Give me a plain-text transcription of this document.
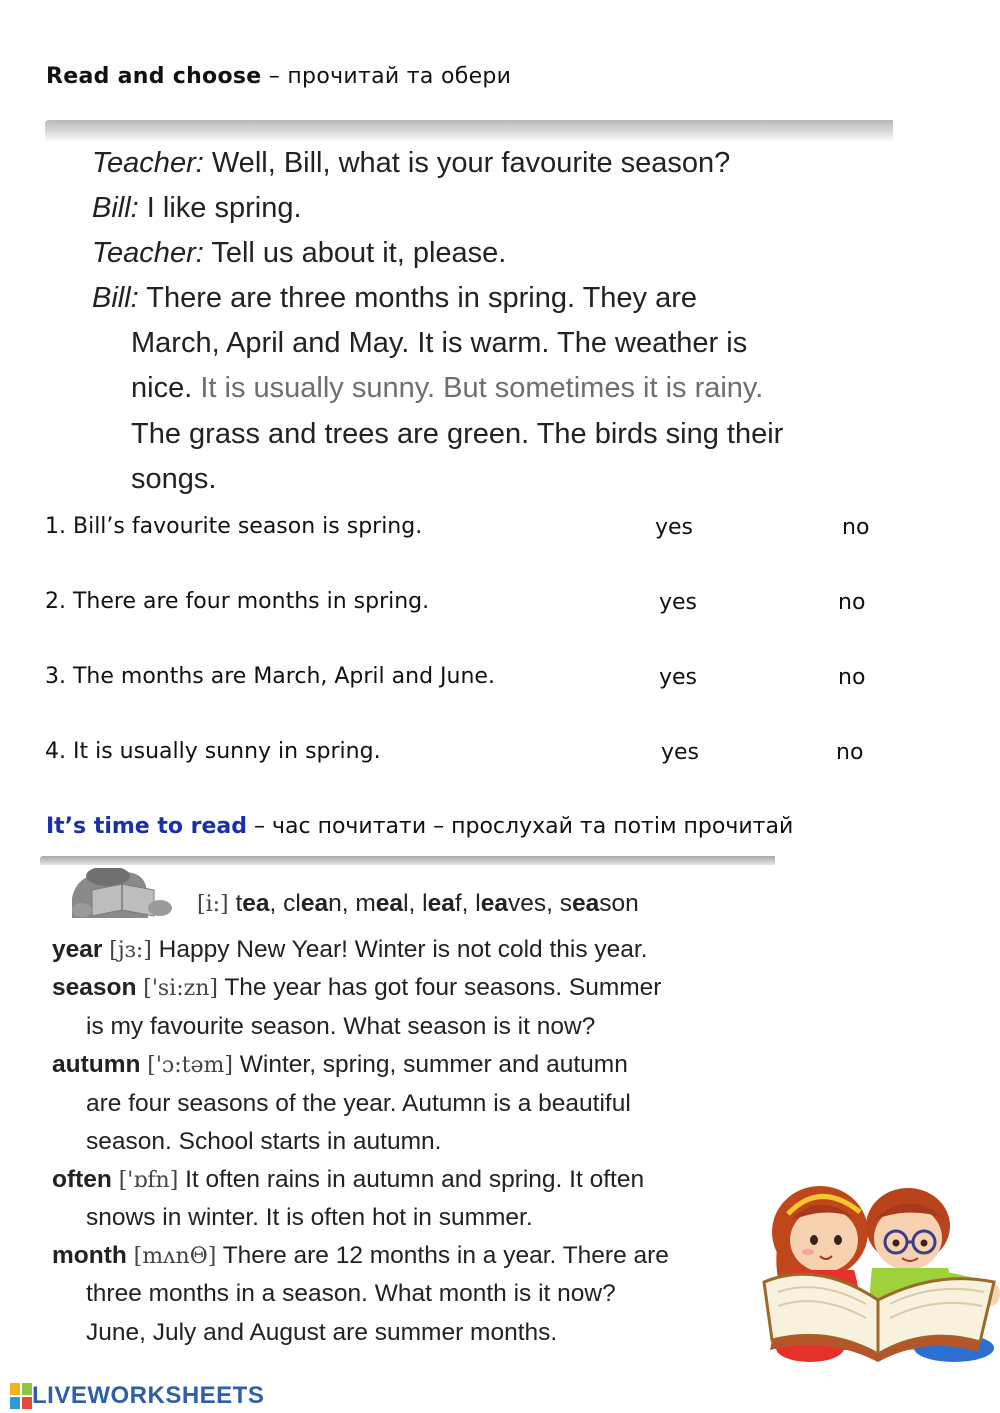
Read and choose – прочитай та обери
Teacher: Well, Bill, what is your favourite season?
Bill: I like spring.
Teacher: Tell us about it, please.
Bill: There are three months in spring. They are
March, April and May. It is warm. The weather is
nice. It is usually sunny. But sometimes it is rainy.
The grass and trees are green. The birds sing their
songs.
1. Bill’s favourite season is spring.	yes	no
2. There are four months in spring.	yes	no
3. The months are March, April and June.	yes	no
4. It is usually sunny in spring.	yes	no
It’s time to read – час почитати – прослухай та потім прочитай
[i:] tea, clean, meal, leaf, leaves, season
year [jɜ:] Happy New Year! Winter is not cold this year.
season ['si:zn] The year has got four seasons. Summer
is my favourite season. What season is it now?
autumn ['ɔ:təm] Winter, spring, summer and autumn
are four seasons of the year. Autumn is a beautiful
season. School starts in autumn.
often ['ɒfn] It often rains in autumn and spring. It often
snows in winter. It is often hot in summer.
month [mʌnΘ] There are 12 months in a year. There are
three months in a season. What month is it now?
June, July and August are summer months.
LIVEWORKSHEETS
